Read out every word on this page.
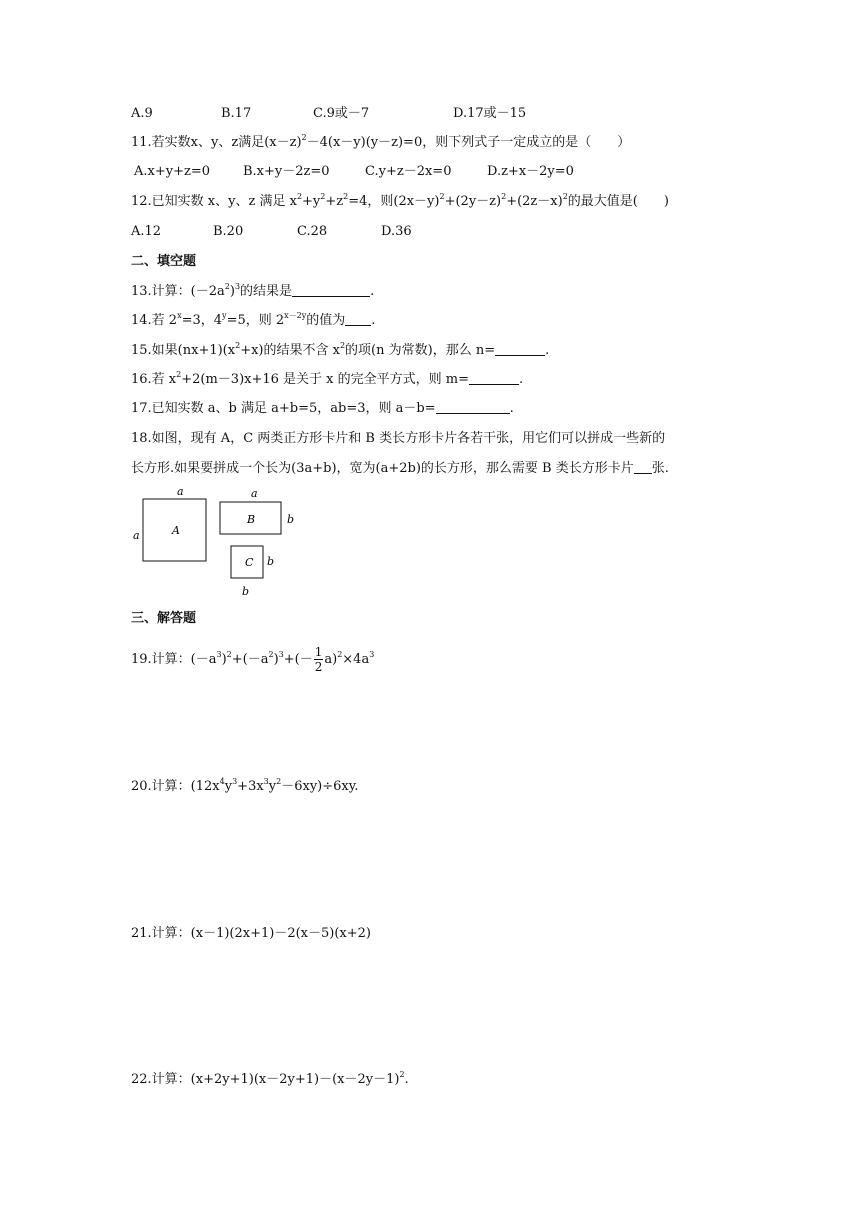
A.9	B.17	C.9或－7	D.17或－15
11.若实数x、y、z满足$(x-z)^2-4(x-y)(y-z)=0$，则下列式子一定成立的是（　　）
A.x+y+z=0	B.x+y－2z=0	C.y+z－2x=0	D.z+x－2y=0
12.已知实数 x、y、z 满足 $x^2+y^2+z^2=4$，则$(2x-y)^2+(2y-z)^2+(2z-x)^2$的最大值是(　　)
A.12	B.20	C.28	D.36
二、填空题
13.计算：$(-2a^2)^3$的结果是	.
14.若 $2^x=3$，$4^y=5$，则 $2^{x-2y}$的值为 .
15.如果$(nx+1)(x^2+x)$的结果不含 $x^2$的项(n 为常数)，那么 n=	.
16.若 $x^2+2(m-3)x+16$ 是关于 x 的完全平方式，则 m=	.
17.已知实数 a、b 满足 a+b=5，ab=3，则 a－b=	.
18.如图，现有 A，C 两类正方形卡片和 B 类长方形卡片各若干张，用它们可以拼成一些新的
长方形.如果要拼成一个长为(3a+b)，宽为(a+2b)的长方形，那么需要 B 类长方形卡片 张.
a
a	A
a
B	b
C b
b
三、解答题
19.计算：$(-a^3)^2+(-a^2)^3+(- \frac{1}{2} a)^2\times 4a^3$
20.计算：$(12x^4y^3+3x^3y^2-6xy)\div 6xy$.
21.计算：(x－1)(2x+1)－2(x－5)(x+2)
22.计算：$(x+2y+1)(x-2y+1)-(x-2y-1)^2$.
